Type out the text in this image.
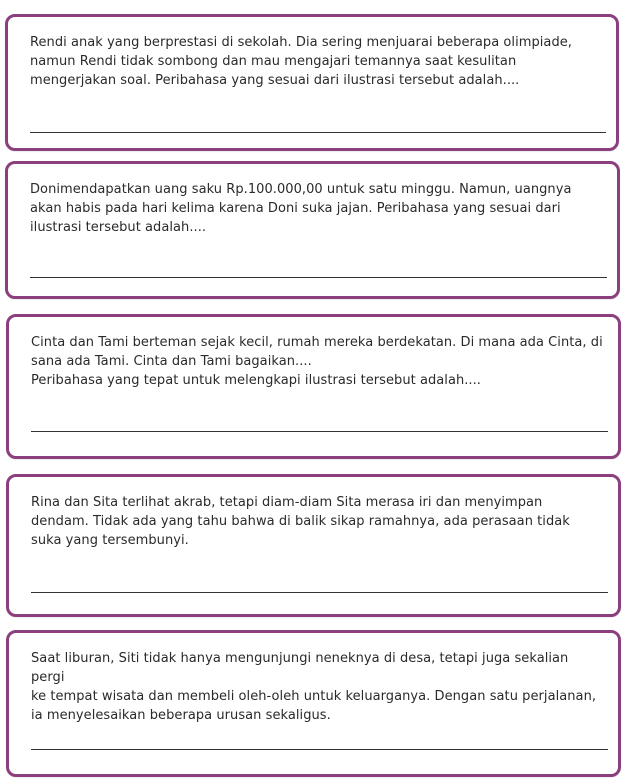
Rendi anak yang berprestasi di sekolah. Dia sering menjuarai beberapa olimpiade,
namun Rendi tidak sombong dan mau mengajari temannya saat kesulitan
mengerjakan soal. Peribahasa yang sesuai dari ilustrasi tersebut adalah....

Donimendapatkan uang saku Rp.100.000,00 untuk satu minggu. Namun, uangnya
akan habis pada hari kelima karena Doni suka jajan. Peribahasa yang sesuai dari
ilustrasi tersebut adalah....

Cinta dan Tami berteman sejak kecil, rumah mereka berdekatan. Di mana ada Cinta, di
sana ada Tami. Cinta dan Tami bagaikan....
Peribahasa yang tepat untuk melengkapi ilustrasi tersebut adalah....

Rina dan Sita terlihat akrab, tetapi diam-diam Sita merasa iri dan menyimpan
dendam. Tidak ada yang tahu bahwa di balik sikap ramahnya, ada perasaan tidak
suka yang tersembunyi.

Saat liburan, Siti tidak hanya mengunjungi neneknya di desa, tetapi juga sekalian pergi
ke tempat wisata dan membeli oleh-oleh untuk keluarganya. Dengan satu perjalanan,
ia menyelesaikan beberapa urusan sekaligus.
